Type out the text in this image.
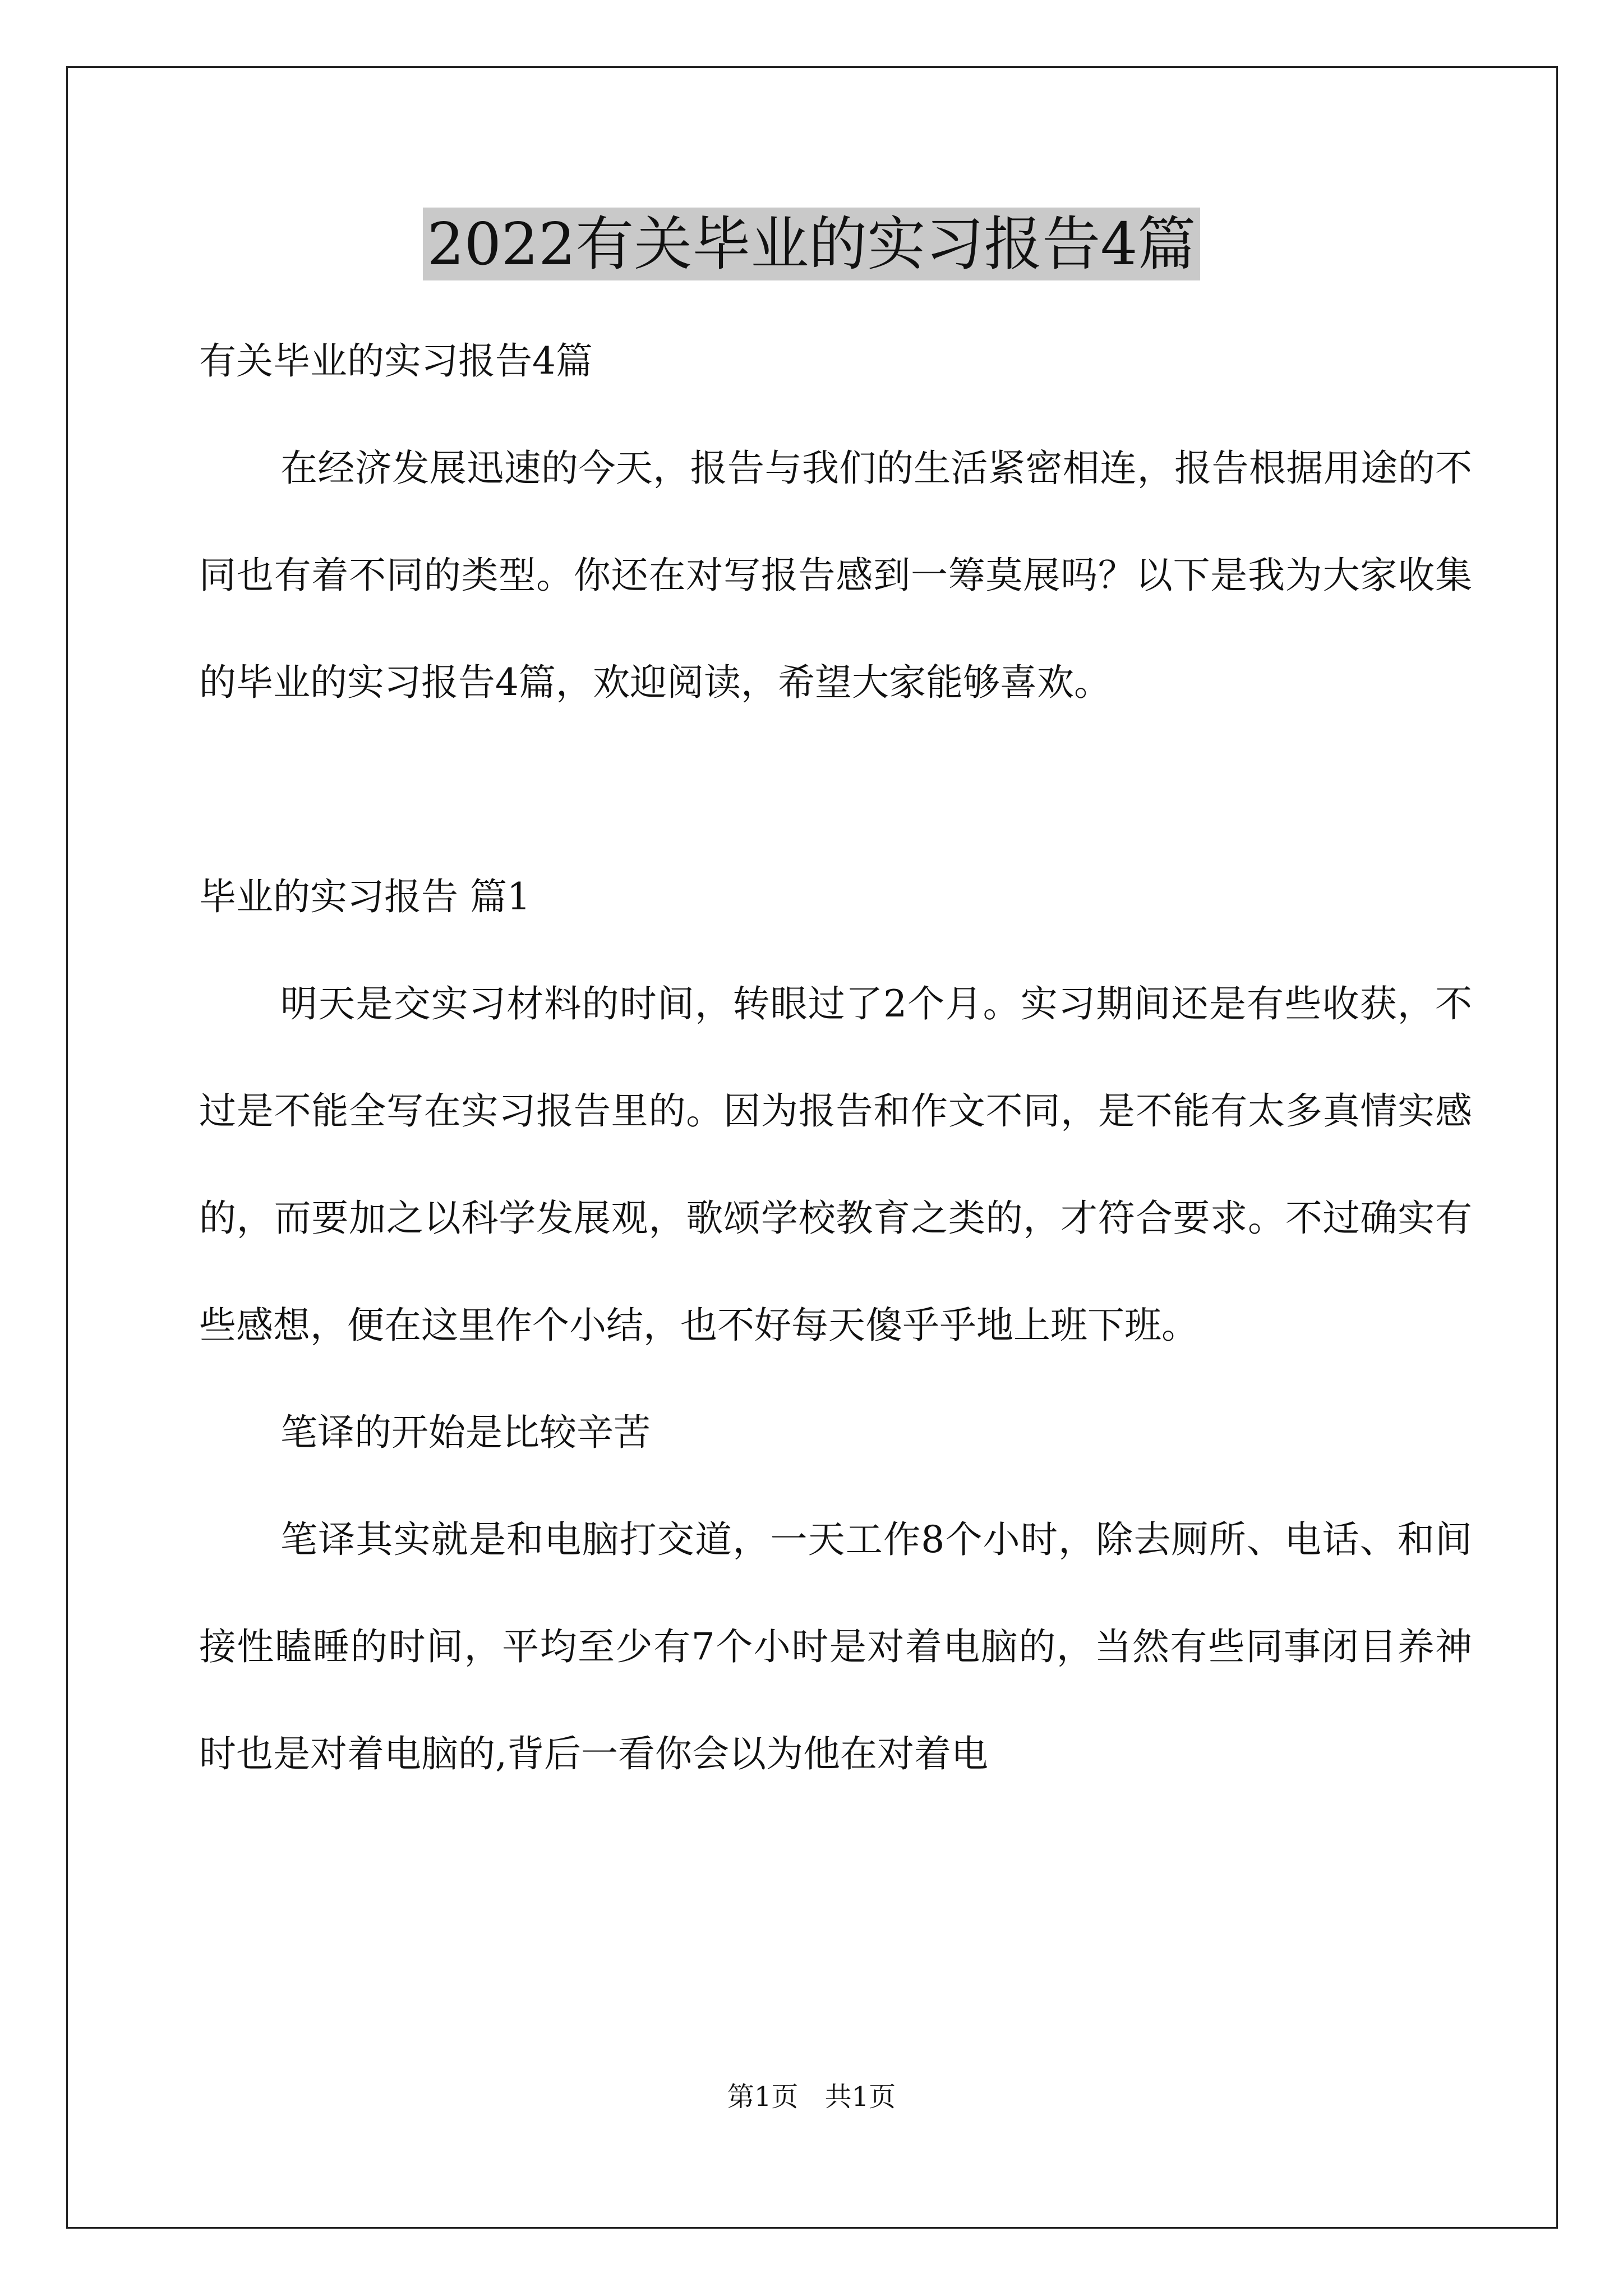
2022有关毕业的实习报告4篇

有关毕业的实习报告4篇

在经济发展迅速的今天，报告与我们的生活紧密相连，报告根据用途的不同也有着不同的类型。你还在对写报告感到一筹莫展吗？以下是我为大家收集的毕业的实习报告4篇，欢迎阅读，希望大家能够喜欢。

毕业的实习报告 篇1

明天是交实习材料的时间，转眼过了2个月。实习期间还是有些收获，不过是不能全写在实习报告里的。因为报告和作文不同，是不能有太多真情实感的，而要加之以科学发展观，歌颂学校教育之类的，才符合要求。不过确实有些感想，便在这里作个小结，也不好每天傻乎乎地上班下班。

笔译的开始是比较辛苦

笔译其实就是和电脑打交道，一天工作8个小时，除去厕所、电话、和间接性瞌睡的时间，平均至少有7个小时是对着电脑的，当然有些同事闭目养神时也是对着电脑的,背后一看你会以为他在对着电

第1页 共1页
